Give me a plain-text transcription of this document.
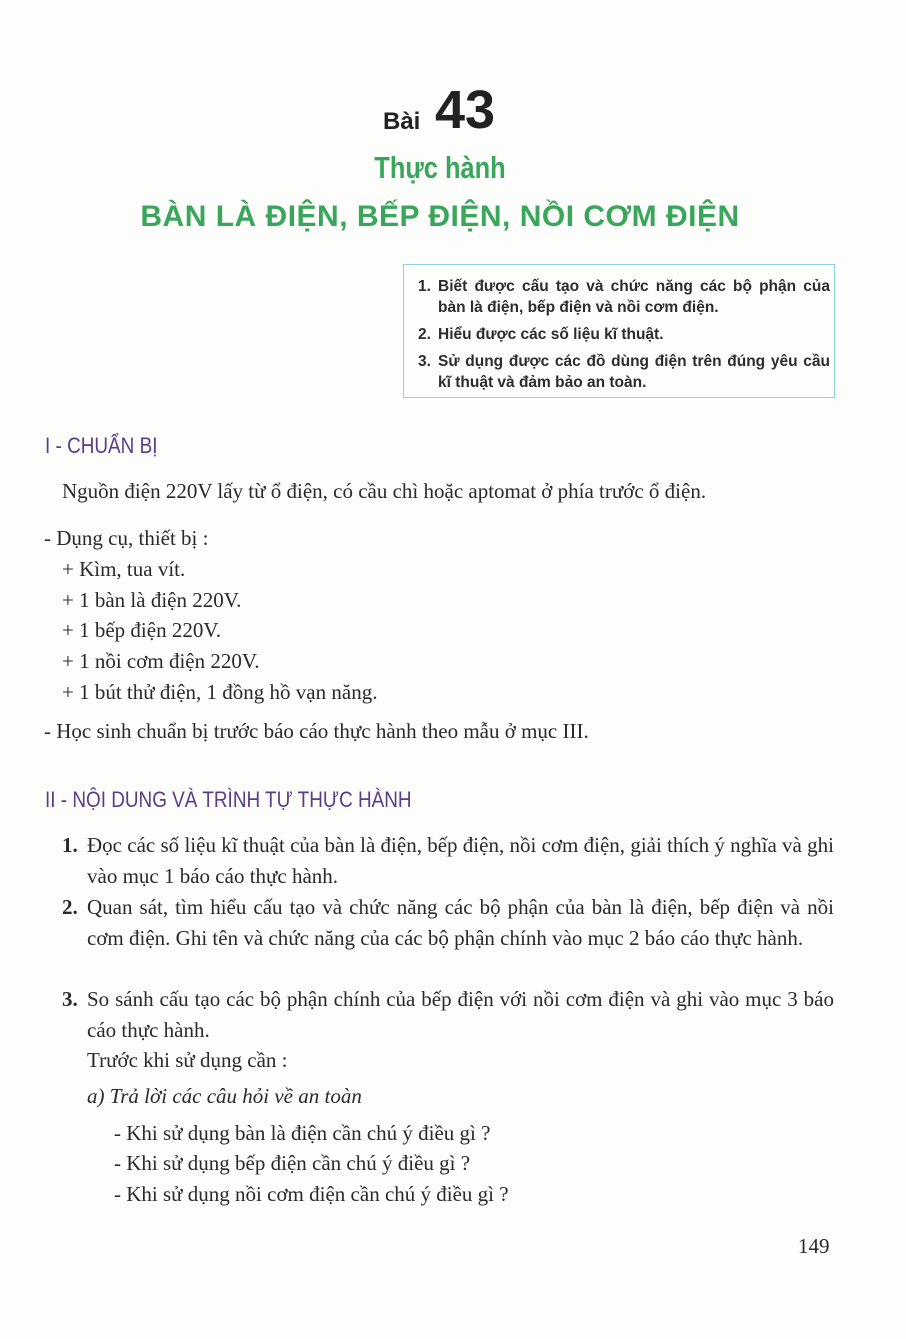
Bài 43
Thực hành
BÀN LÀ ĐIỆN, BẾP ĐIỆN, NỒI CƠM ĐIỆN
1. Biết được cấu tạo và chức năng các bộ phận của bàn là điện, bếp điện và nồi cơm điện.
2. Hiểu được các số liệu kĩ thuật.
3. Sử dụng được các đồ dùng điện trên đúng yêu cầu kĩ thuật và đảm bảo an toàn.
I - CHUẨN BỊ
Nguồn điện 220V lấy từ ổ điện, có cầu chì hoặc aptomat ở phía trước ổ điện.
- Dụng cụ, thiết bị :
+ Kìm, tua vít.
+ 1 bàn là điện 220V.
+ 1 bếp điện 220V.
+ 1 nồi cơm điện 220V.
+ 1 bút thử điện, 1 đồng hồ vạn năng.
- Học sinh chuẩn bị trước báo cáo thực hành theo mẫu ở mục III.
II - NỘI DUNG VÀ TRÌNH TỰ THỰC HÀNH
1. Đọc các số liệu kĩ thuật của bàn là điện, bếp điện, nồi cơm điện, giải thích ý nghĩa và ghi vào mục 1 báo cáo thực hành.
2. Quan sát, tìm hiểu cấu tạo và chức năng các bộ phận của bàn là điện, bếp điện và nồi cơm điện. Ghi tên và chức năng của các bộ phận chính vào mục 2 báo cáo thực hành.
3. So sánh cấu tạo các bộ phận chính của bếp điện với nồi cơm điện và ghi vào mục 3 báo cáo thực hành.
Trước khi sử dụng cần :
a) Trả lời các câu hỏi về an toàn
- Khi sử dụng bàn là điện cần chú ý điều gì ?
- Khi sử dụng bếp điện cần chú ý điều gì ?
- Khi sử dụng nồi cơm điện cần chú ý điều gì ?
149
